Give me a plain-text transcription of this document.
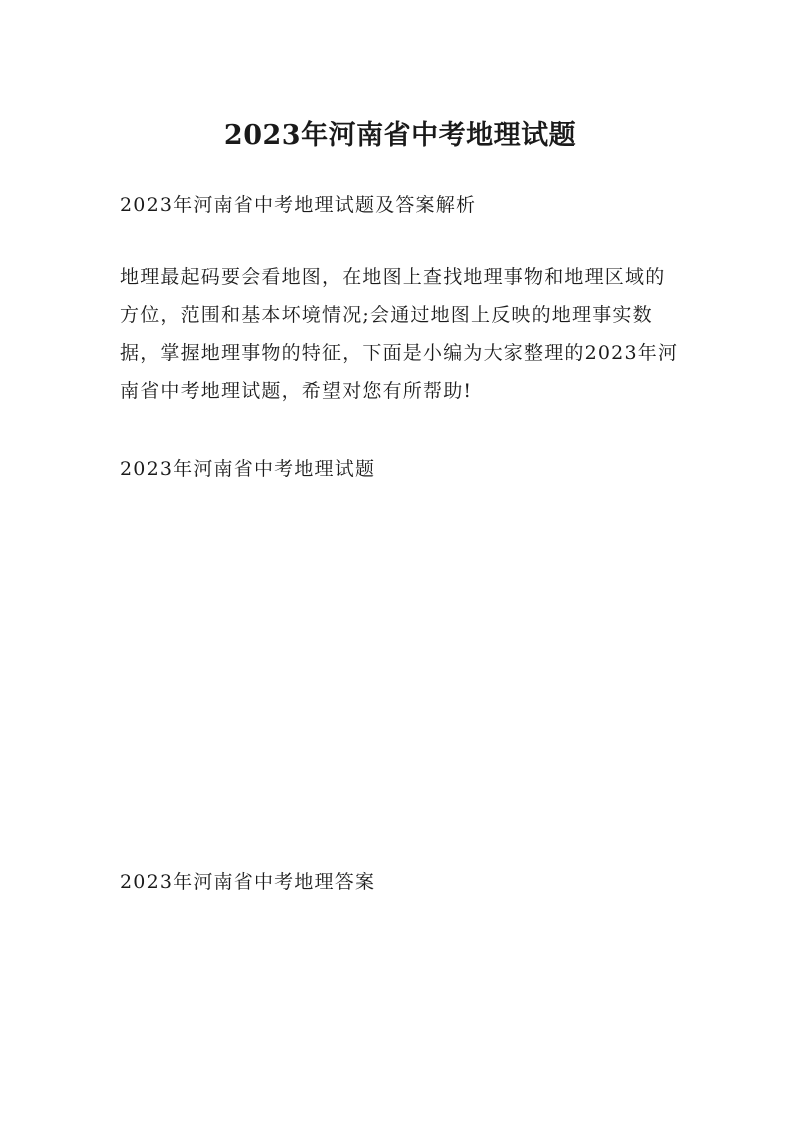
2023年河南省中考地理试题

2023年河南省中考地理试题及答案解析

地理最起码要会看地图，在地图上查找地理事物和地理区域的方位，范围和基本坏境情况;会通过地图上反映的地理事实数据，掌握地理事物的特征，下面是小编为大家整理的2023年河南省中考地理试题，希望对您有所帮助!

2023年河南省中考地理试题

2023年河南省中考地理答案
